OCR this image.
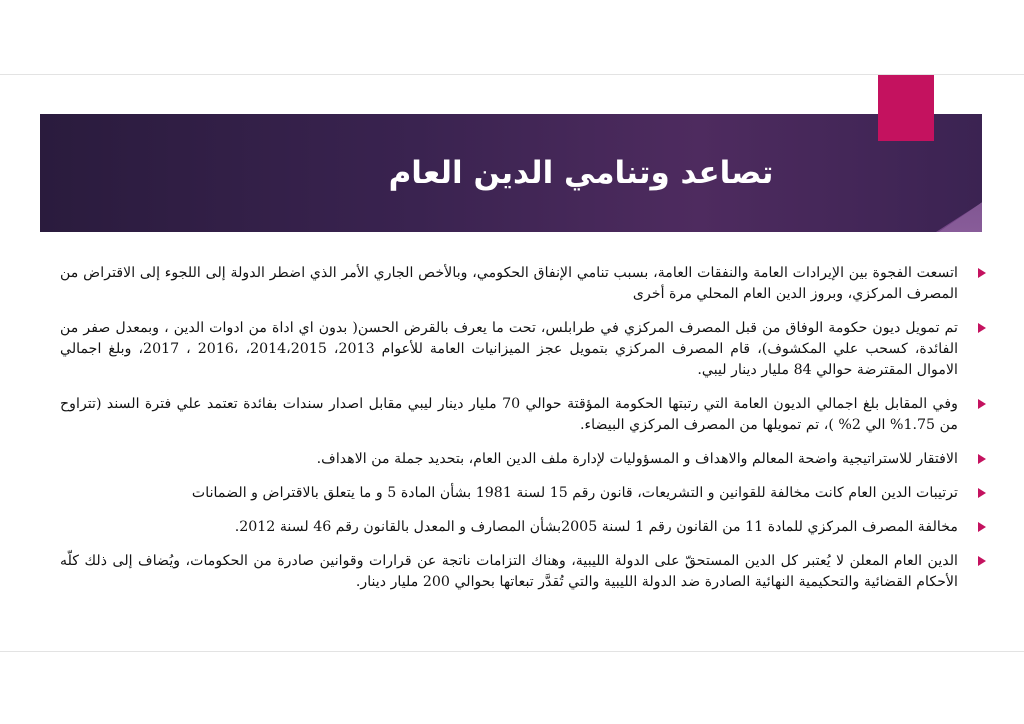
تصاعد وتنامي الدين العام
اتسعت الفجوة بين الإيرادات العامة والنفقات العامة، بسبب تنامي الإنفاق الحكومي، وبالأخص الجاري الأمر الذي اضطر الدولة إلى اللجوء إلى الاقتراض من المصرف المركزي، وبروز الدين العام المحلي مرة أخرى
تم تمويل ديون حكومة الوفاق من قبل المصرف المركزي في طرابلس، تحت ما يعرف بالقرض الحسن( بدون اي اداة من ادوات الدين ، وبمعدل صفر من الفائدة، كسحب علي المكشوف)، قام المصرف المركزي بتمويل عجز الميزانيات العامة للأعوام 2013، 2014،2015، ،2016 ، 2017، وبلغ اجمالي الاموال المقترضة حوالي 84 مليار دينار ليبي.
وفي المقابل بلغ اجمالي الديون العامة التي رتبتها الحكومة المؤقتة حوالي 70 مليار دينار ليبي مقابل اصدار سندات بفائدة تعتمد علي فترة السند (تتراوح من 1.75% الي 2% )، تم تمويلها من المصرف المركزي البيضاء.
الافتقار للاستراتيجية واضحة المعالم والاهداف و المسؤوليات لإدارة ملف الدين العام، بتحديد جملة من الاهداف.
ترتيبات الدين العام كانت مخالفة للقوانين و التشريعات، قانون رقم 15 لسنة 1981 بشأن المادة 5 و ما يتعلق بالاقتراض و الضمانات
مخالفة المصرف المركزي للمادة 11 من القانون رقم 1 لسنة 2005بشأن المصارف و المعدل بالقانون رقم 46 لسنة 2012.
الدين العام المعلن لا يُعتبر كل الدين المستحقّ على الدولة الليبية، وهناك التزامات ناتجة عن قرارات وقوانين صادرة من الحكومات، ويُضاف إلى ذلك كلّه الأحكام القضائية والتحكيمية النهائية الصادرة ضد الدولة الليبية والتي تُقدَّر تبعاتها بحوالي 200 مليار دينار.
